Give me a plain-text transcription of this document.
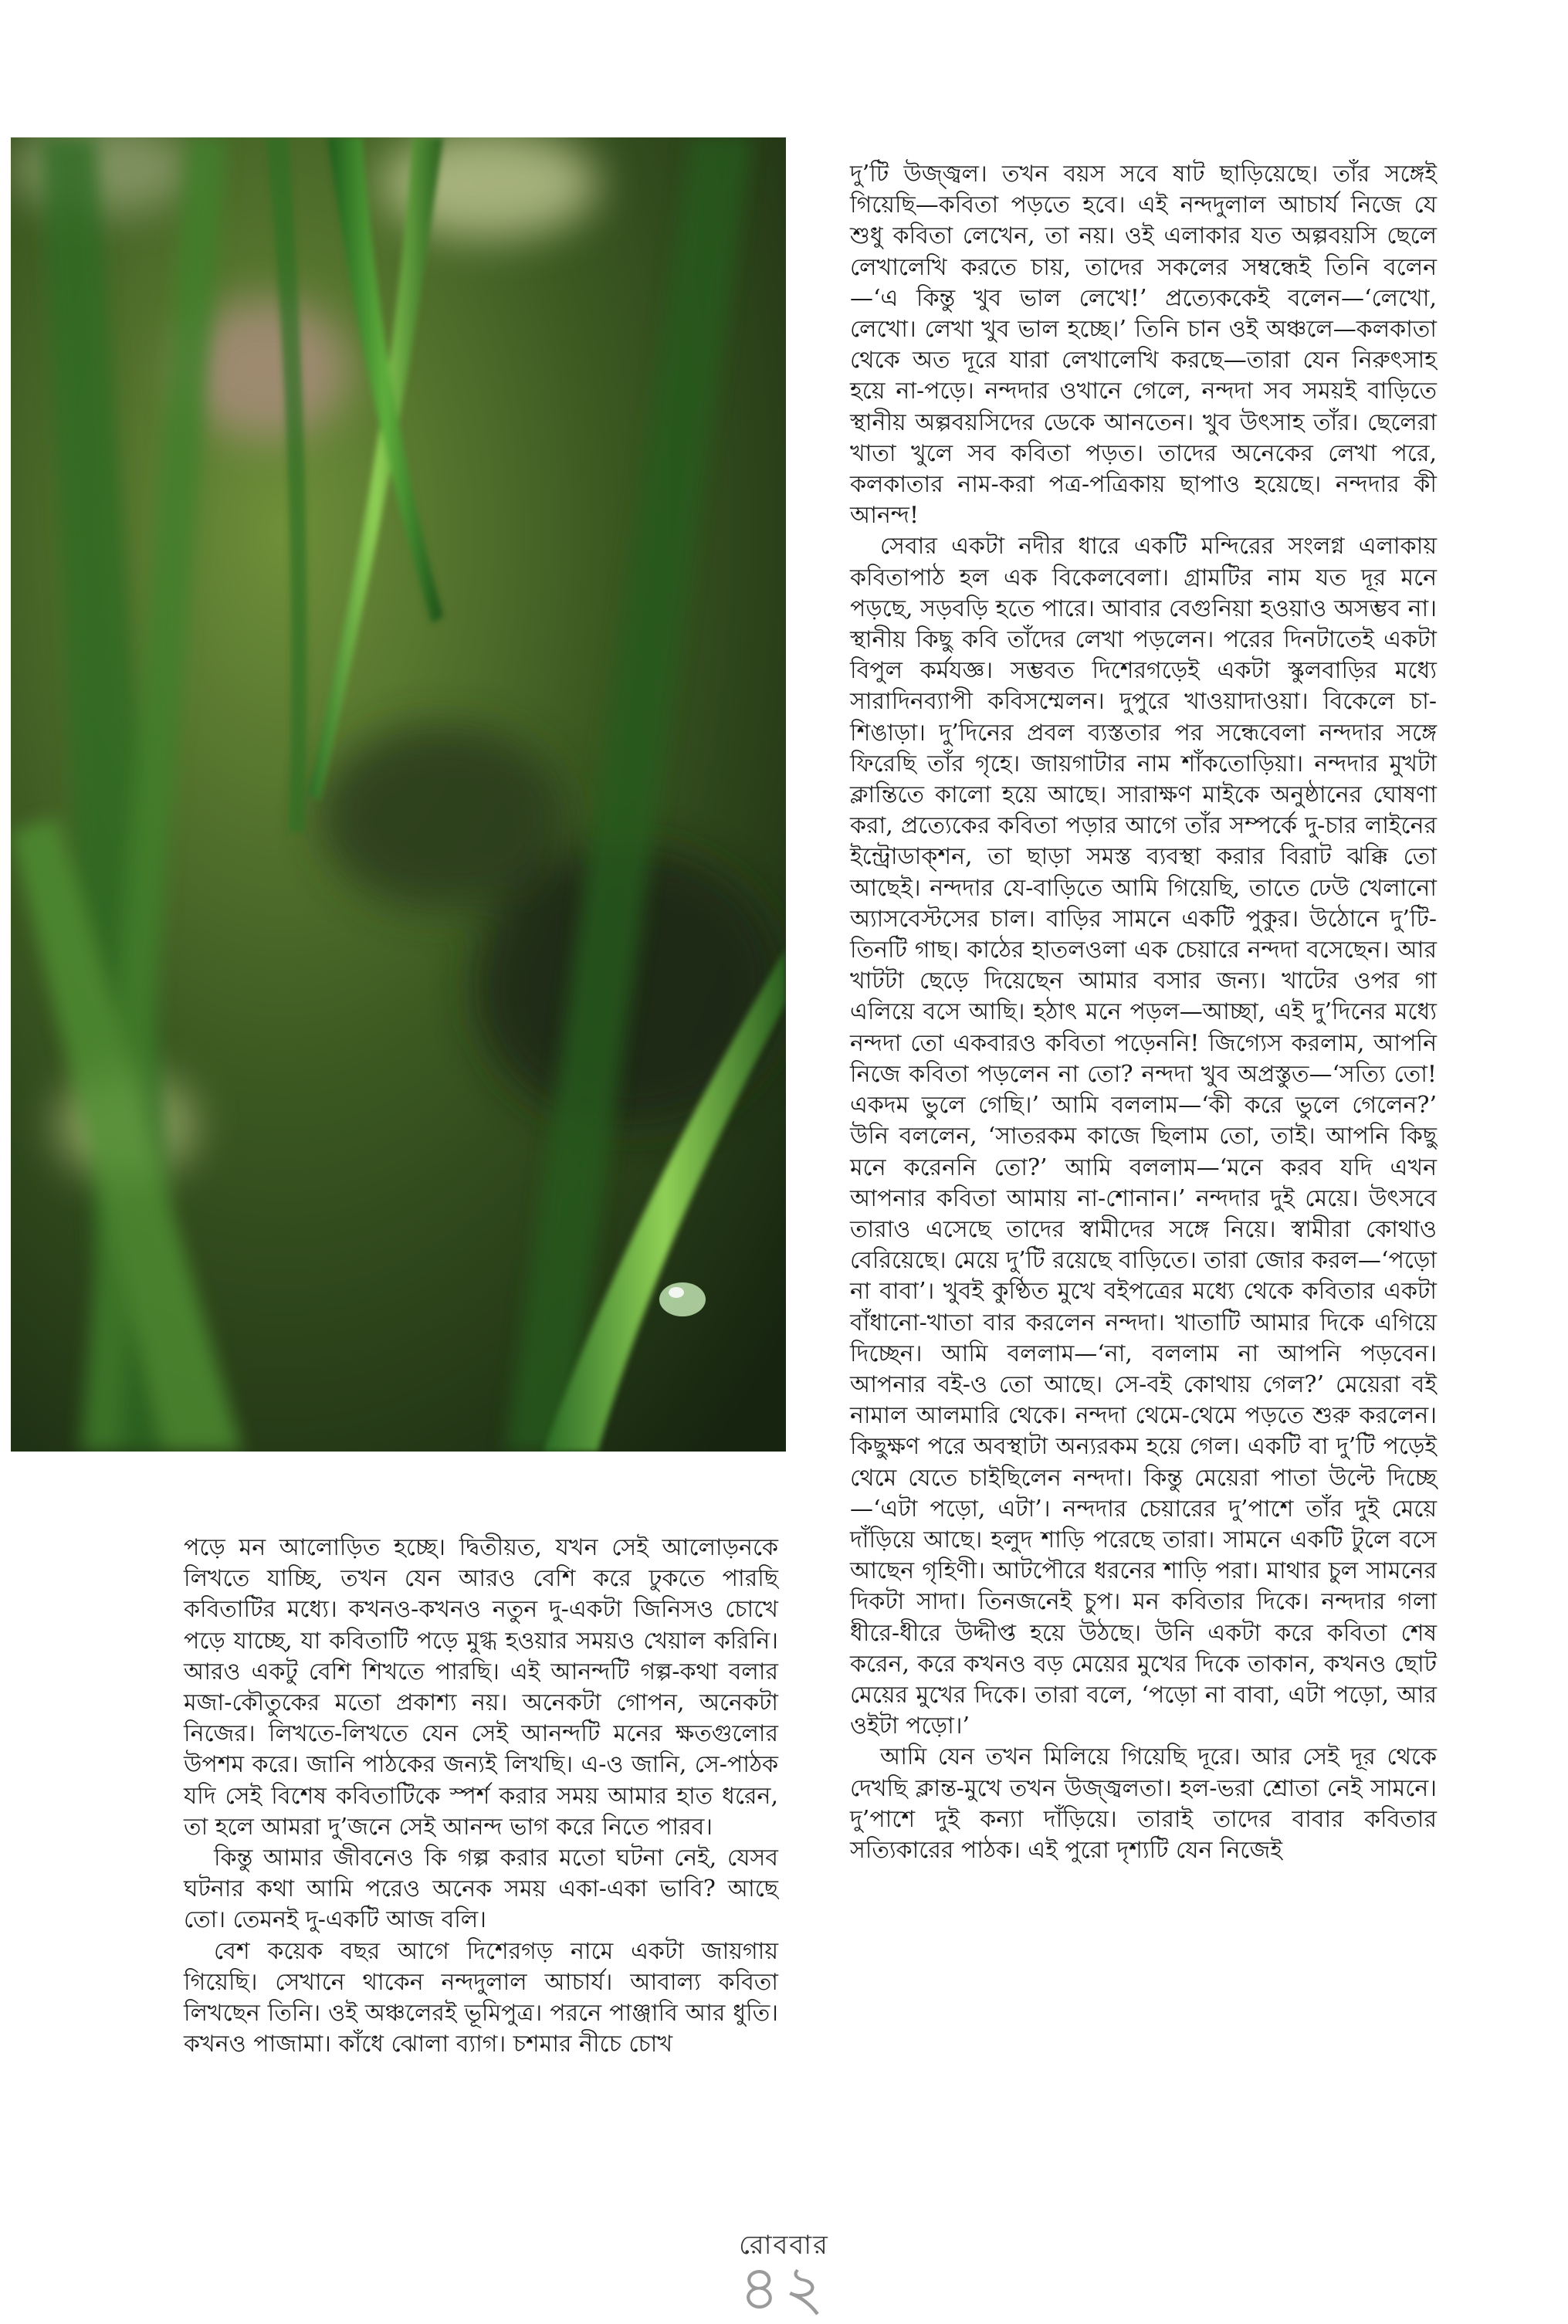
দু’টি উজ্জ্বল। তখন বয়স সবে ষাট ছাড়িয়েছে। তাঁর সঙ্গেই গিয়েছি—কবিতা পড়তে হবে। এই নন্দদুলাল আচার্য নিজে যে শুধু কবিতা লেখেন, তা নয়। ওই এলাকার যত অল্পবয়সি ছেলে লেখালেখি করতে চায়, তাদের সকলের সম্বন্ধেই তিনি বলেন—‘এ কিন্তু খুব ভাল লেখে!’ প্রত্যেককেই বলেন—‘লেখো, লেখো। লেখা খুব ভাল হচ্ছে।’ তিনি চান ওই অঞ্চলে—কলকাতা থেকে অত দূরে যারা লেখালেখি করছে—তারা যেন নিরুৎসাহ হয়ে না-পড়ে। নন্দদার ওখানে গেলে, নন্দদা সব সময়ই বাড়িতে স্থানীয় অল্পবয়সিদের ডেকে আনতেন। খুব উৎসাহ তাঁর। ছেলেরা খাতা খুলে সব কবিতা পড়ত। তাদের অনেকের লেখা পরে, কলকাতার নাম-করা পত্র-পত্রিকায় ছাপাও হয়েছে। নন্দদার কী আনন্দ!

সেবার একটা নদীর ধারে একটি মন্দিরের সংলগ্ন এলাকায় কবিতাপাঠ হল এক বিকেলবেলা। গ্রামটির নাম যত দূর মনে পড়ছে, সড়বড়ি হতে পারে। আবার বেগুনিয়া হওয়াও অসম্ভব না। স্থানীয় কিছু কবি তাঁদের লেখা পড়লেন। পরের দিনটাতেই একটা বিপুল কর্মযজ্ঞ। সম্ভবত দিশেরগড়েই একটা স্কুলবাড়ির মধ্যে সারাদিনব্যাপী কবিসম্মেলন। দুপুরে খাওয়াদাওয়া। বিকেলে চা-শিঙাড়া। দু’দিনের প্রবল ব্যস্ততার পর সন্ধেবেলা নন্দদার সঙ্গে ফিরেছি তাঁর গৃহে। জায়গাটার নাম শাঁকতোড়িয়া। নন্দদার মুখটা ক্লান্তিতে কালো হয়ে আছে। সারাক্ষণ মাইকে অনুষ্ঠানের ঘোষণা করা, প্রত্যেকের কবিতা পড়ার আগে তাঁর সম্পর্কে দু-চার লাইনের ইন্ট্রোডাক্শন, তা ছাড়া সমস্ত ব্যবস্থা করার বিরাট ঝক্কি তো আছেই। নন্দদার যে-বাড়িতে আমি গিয়েছি, তাতে ঢেউ খেলানো অ্যাসবেস্টসের চাল। বাড়ির সামনে একটি পুকুর। উঠোনে দু’টি-তিনটি গাছ। কাঠের হাতলওলা এক চেয়ারে নন্দদা বসেছেন। আর খাটটা ছেড়ে দিয়েছেন আমার বসার জন্য। খাটের ওপর গা এলিয়ে বসে আছি। হঠাৎ মনে পড়ল—আচ্ছা, এই দু’দিনের মধ্যে নন্দদা তো একবারও কবিতা পড়েননি! জিগ্যেস করলাম, আপনি নিজে কবিতা পড়লেন না তো? নন্দদা খুব অপ্রস্তুত—‘সত্যি তো! একদম ভুলে গেছি।’ আমি বললাম—‘কী করে ভুলে গেলেন?’ উনি বললেন, ‘সাতরকম কাজে ছিলাম তো, তাই। আপনি কিছু মনে করেননি তো?’ আমি বললাম—‘মনে করব যদি এখন আপনার কবিতা আমায় না-শোনান।’ নন্দদার দুই মেয়ে। উৎসবে তারাও এসেছে তাদের স্বামীদের সঙ্গে নিয়ে। স্বামীরা কোথাও বেরিয়েছে। মেয়ে দু’টি রয়েছে বাড়িতে। তারা জোর করল—‘পড়ো না বাবা’। খুবই কুণ্ঠিত মুখে বইপত্রের মধ্যে থেকে কবিতার একটা বাঁধানো-খাতা বার করলেন নন্দদা। খাতাটি আমার দিকে এগিয়ে দিচ্ছেন। আমি বললাম—‘না, বললাম না আপনি পড়বেন। আপনার বই-ও তো আছে। সে-বই কোথায় গেল?’ মেয়েরা বই নামাল আলমারি থেকে। নন্দদা থেমে-থেমে পড়তে শুরু করলেন। কিছুক্ষণ পরে অবস্থাটা অন্যরকম হয়ে গেল। একটি বা দু’টি পড়েই থেমে যেতে চাইছিলেন নন্দদা। কিন্তু মেয়েরা পাতা উল্টে দিচ্ছে—‘এটা পড়ো, এটা’। নন্দদার চেয়ারের দু’পাশে তাঁর দুই মেয়ে দাঁড়িয়ে আছে। হলুদ শাড়ি পরেছে তারা। সামনে একটি টুলে বসে আছেন গৃহিণী। আটপৌরে ধরনের শাড়ি পরা। মাথার চুল সামনের দিকটা সাদা। তিনজনেই চুপ। মন কবিতার দিকে। নন্দদার গলা ধীরে-ধীরে উদ্দীপ্ত হয়ে উঠছে। উনি একটা করে কবিতা শেষ করেন, করে কখনও বড় মেয়ের মুখের দিকে তাকান, কখনও ছোট মেয়ের মুখের দিকে। তারা বলে, ‘পড়ো না বাবা, এটা পড়ো, আর ওইটা পড়ো।’

আমি যেন তখন মিলিয়ে গিয়েছি দূরে। আর সেই দূর থেকে দেখছি ক্লান্ত-মুখে তখন উজ্জ্বলতা। হল-ভরা শ্রোতা নেই সামনে। দু’পাশে দুই কন্যা দাঁড়িয়ে। তারাই তাদের বাবার কবিতার সত্যিকারের পাঠক। এই পুরো দৃশ্যটি যেন নিজেই

পড়ে মন আলোড়িত হচ্ছে। দ্বিতীয়ত, যখন সেই আলোড়নকে লিখতে যাচ্ছি, তখন যেন আরও বেশি করে ঢুকতে পারছি কবিতাটির মধ্যে। কখনও-কখনও নতুন দু-একটা জিনিসও চোখে পড়ে যাচ্ছে, যা কবিতাটি পড়ে মুগ্ধ হওয়ার সময়ও খেয়াল করিনি। আরও একটু বেশি শিখতে পারছি। এই আনন্দটি গল্প-কথা বলার মজা-কৌতুকের মতো প্রকাশ্য নয়। অনেকটা গোপন, অনেকটা নিজের। লিখতে-লিখতে যেন সেই আনন্দটি মনের ক্ষতগুলোর উপশম করে। জানি পাঠকের জন্যই লিখছি। এ-ও জানি, সে-পাঠক যদি সেই বিশেষ কবিতাটিকে স্পর্শ করার সময় আমার হাত ধরেন, তা হলে আমরা দু’জনে সেই আনন্দ ভাগ করে নিতে পারব।

কিন্তু আমার জীবনেও কি গল্প করার মতো ঘটনা নেই, যেসব ঘটনার কথা আমি পরেও অনেক সময় একা-একা ভাবি? আছে তো। তেমনই দু-একটি আজ বলি।

বেশ কয়েক বছর আগে দিশেরগড় নামে একটা জায়গায় গিয়েছি। সেখানে থাকেন নন্দদুলাল আচার্য। আবাল্য কবিতা লিখছেন তিনি। ওই অঞ্চলেরই ভূমিপুত্র। পরনে পাঞ্জাবি আর ধুতি। কখনও পাজামা। কাঁধে ঝোলা ব্যাগ। চশমার নীচে চোখ

রোববার
৪২
